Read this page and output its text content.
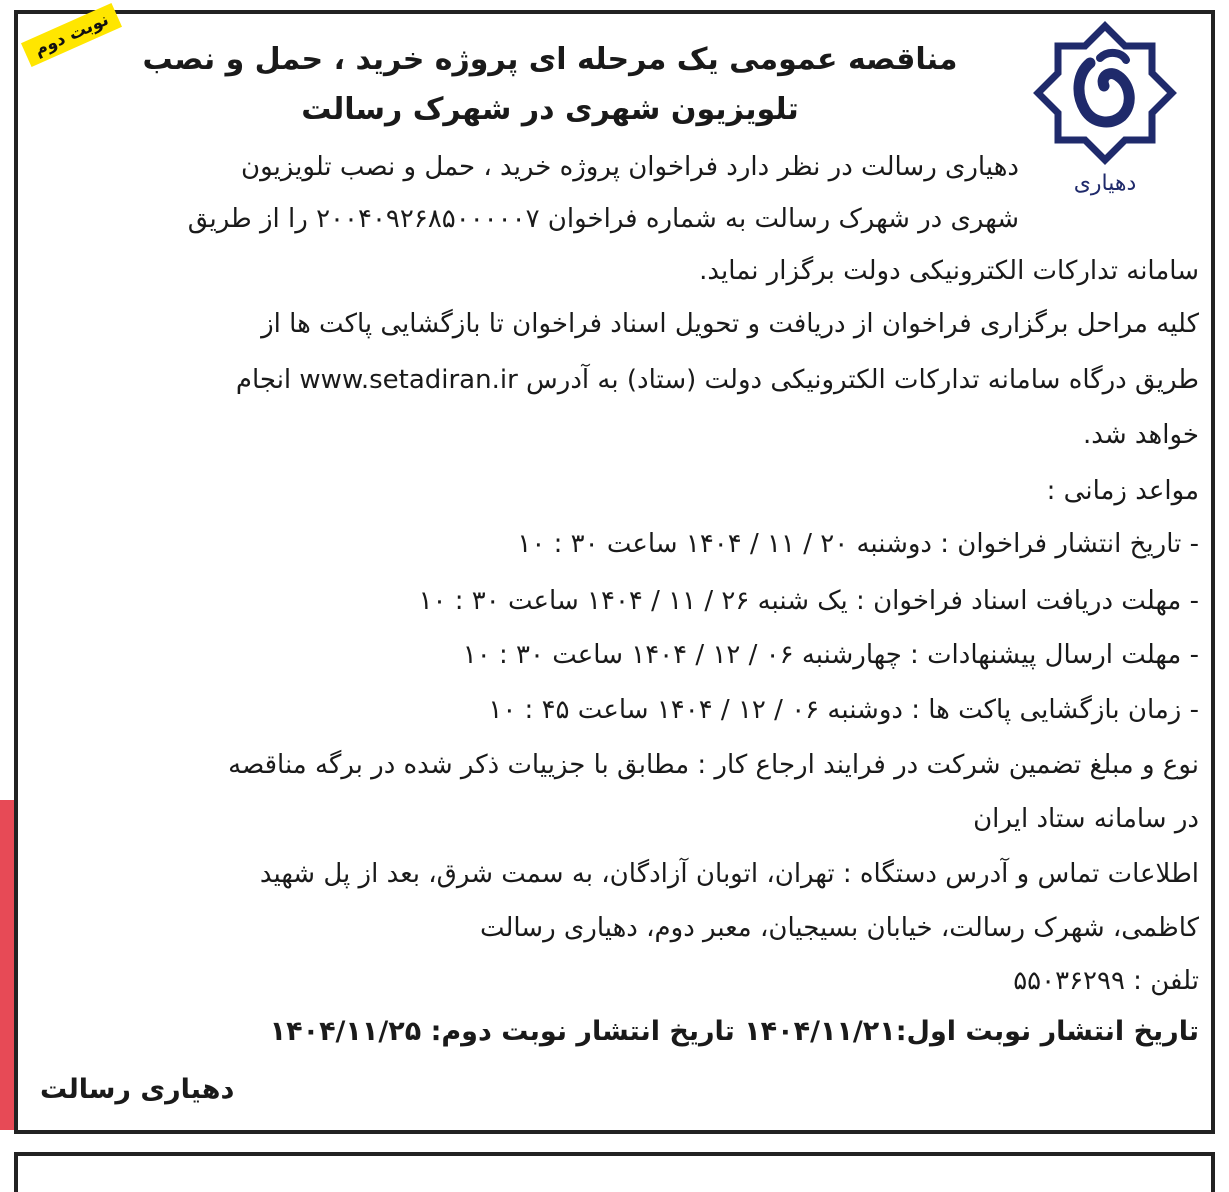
نوبت دوم
دهیاری
مناقصه عمومی یک مرحله ای پروژه خرید ، حمل و نصب
تلویزیون شهری در شهرک رسالت
دهیاری رسالت در نظر دارد فراخوان پروژه خرید ، حمل و نصب تلویزیون
شهری در شهرک رسالت به شماره فراخوان ۲۰۰۴۰۹۲۶۸۵۰۰۰۰۰۷ را از طریق
سامانه تدارکات الکترونیکی دولت برگزار نماید.
کلیه مراحل برگزاری فراخوان از دریافت و تحویل اسناد فراخوان تا بازگشایی پاکت ها از
طریق درگاه سامانه تدارکات الکترونیکی دولت (ستاد) به آدرس www.setadiran.ir انجام
خواهد شد.
مواعد زمانی :
- تاریخ انتشار فراخوان : دوشنبه ۲۰ / ۱۱ / ۱۴۰۴ ساعت ۳۰ : ۱۰
- مهلت دریافت اسناد فراخوان : یک شنبه ۲۶ / ۱۱ / ۱۴۰۴ ساعت ۳۰ : ۱۰
- مهلت ارسال پیشنهادات : چهارشنبه ۰۶ / ۱۲ / ۱۴۰۴ ساعت ۳۰ : ۱۰
- زمان بازگشایی پاکت ها : دوشنبه ۰۶ / ۱۲ / ۱۴۰۴ ساعت ۴۵ : ۱۰
نوع و مبلغ تضمین شرکت در فرایند ارجاع کار : مطابق با جزییات ذکر شده در برگه مناقصه
در سامانه ستاد ایران
اطلاعات تماس و آدرس دستگاه : تهران، اتوبان آزادگان، به سمت شرق، بعد از پل شهید
کاظمی، شهرک رسالت، خیابان بسیجیان، معبر دوم، دهیاری رسالت
تلفن : ۵۵۰۳۶۲۹۹
تاریخ انتشار نوبت اول:۱۴۰۴/۱۱/۲۱ تاریخ انتشار نوبت دوم: ۱۴۰۴/۱۱/۲۵
دهیاری رسالت
